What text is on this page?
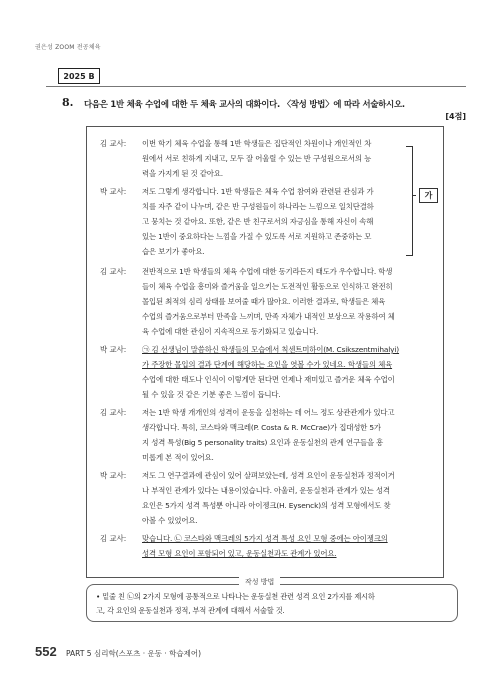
권은성 ZOOM 전공체육
2025 B
8. 다음은 1반 체육 수업에 대한 두 체육 교사의 대화이다. 〈작성 방법〉에 따라 서술하시오.
[4점]
김 교사: 이번 학기 체육 수업을 통해 1반 학생들은 집단적인 차원이나 개인적인 차
원에서 서로 친하게 지내고, 모두 잘 어울릴 수 있는 반 구성원으로서의 능
력을 가지게 된 것 같아요.
박 교사: 저도 그렇게 생각합니다. 1반 학생들은 체육 수업 참여와 관련된 관심과 가
치를 자주 같이 나누며, 같은 반 구성원들이 하나라는 느낌으로 일치단결하
고 뭉치는 것 같아요. 또한, 같은 반 친구로서의 자긍심을 통해 자신이 속해
있는 1반이 중요하다는 느낌을 가질 수 있도록 서로 지원하고 존중하는 모
습은 보기가 좋아요.
가
김 교사: 전반적으로 1반 학생들의 체육 수업에 대한 동기라든지 태도가 우수합니다. 학생
들이 체육 수업을 흥미와 즐거움을 일으키는 도전적인 활동으로 인식하고 완전히
몰입된 최적의 심리 상태를 보여줄 때가 많아요. 이러한 결과로, 학생들은 체육
수업의 즐거움으로부터 만족을 느끼며, 만족 자체가 내적인 보상으로 작용하여 체
육 수업에 대한 관심이 지속적으로 동기화되고 있습니다.
박 교사: ㉠ 김 선생님이 말씀하신 학생들의 모습에서 칙센트미하이(M. Csikszentmihalyi)
가 주장한 몰입의 결과 단계에 해당하는 요인을 엿볼 수가 있네요. 학생들의 체육
수업에 대한 태도나 인식이 이렇게만 된다면 언제나 재미있고 즐거운 체육 수업이
될 수 있을 것 같은 기분 좋은 느낌이 듭니다.
김 교사: 저는 1반 학생 개개인의 성격이 운동을 실천하는 데 어느 정도 상관관계가 있다고
생각합니다. 특히, 코스타와 맥크레(P. Costa & R. McCrae)가 집대성한 5가
지 성격 특성(Big 5 personality traits) 요인과 운동실천의 관계 연구들을 흥
미롭게 본 적이 있어요.
박 교사: 저도 그 연구결과에 관심이 있어 살펴보았는데, 성격 요인이 운동실천과 정적이거
나 부적인 관계가 있다는 내용이었습니다. 아울러, 운동실천과 관계가 있는 성격
요인은 5가지 성격 특성뿐 아니라 아이젱크(H. Eysenck)의 성격 모형에서도 찾
아볼 수 있었어요.
김 교사: 맞습니다. ㉡ 코스타와 맥크레의 5가지 성격 특성 요인 모형 중에는 아이젱크의
성격 모형 요인이 포함되어 있고, 운동실천과도 관계가 있어요.
작성 방법
• 밑줄 친 ㉡의 2가지 모형에 공통적으로 나타나는 운동실천 관련 성격 요인 2가지를 제시하
고, 각 요인의 운동실천과 정적, 부적 관계에 대해서 서술할 것.
552 PART 5 심리학(스포츠 · 운동 · 학습제어)
